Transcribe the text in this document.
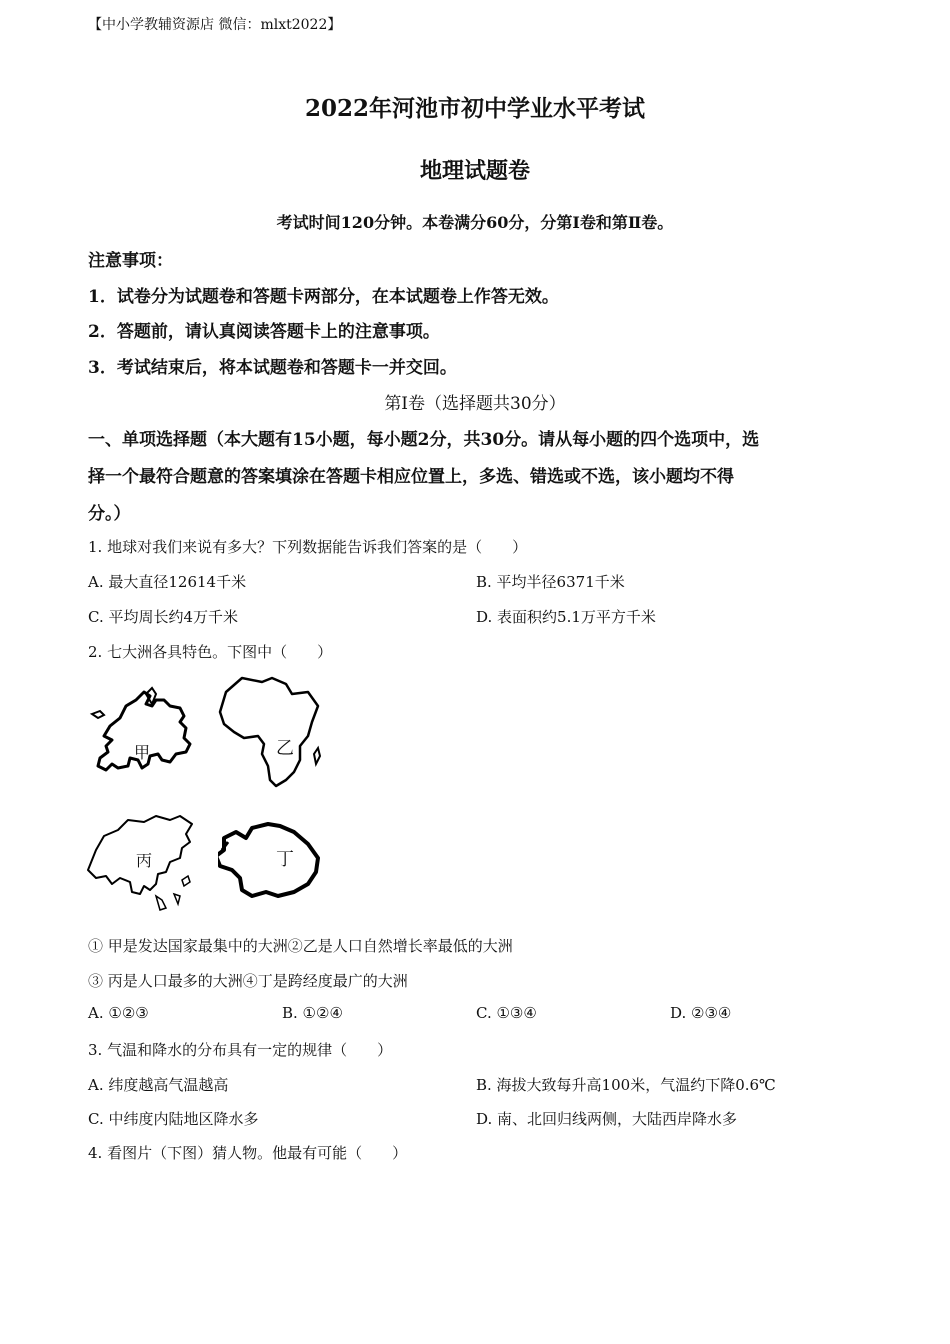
【中小学教辅资源店 微信：mlxt2022】
2022年河池市初中学业水平考试
地理试题卷
考试时间120分钟。本卷满分60分，分第Ⅰ卷和第Ⅱ卷。
注意事项：
1．试卷分为试题卷和答题卡两部分，在本试题卷上作答无效。
2．答题前，请认真阅读答题卡上的注意事项。
3．考试结束后，将本试题卷和答题卡一并交回。
第Ⅰ卷（选择题共30分）
一、单项选择题（本大题有15小题，每小题2分，共30分。请从每小题的四个选项中，选
择一个最符合题意的答案填涂在答题卡相应位置上，多选、错选或不选，该小题均不得
分。）
1. 地球对我们来说有多大？下列数据能告诉我们答案的是（　　）
A. 最大直径12614千米	B. 平均半径6371千米
C. 平均周长约4万千米	D. 表面积约5.1万平方千米
2. 七大洲各具特色。下图中（　　）
甲	乙
丙	丁
① 甲是发达国家最集中的大洲②乙是人口自然增长率最低的大洲
③ 丙是人口最多的大洲④丁是跨经度最广的大洲
A. ①②③	B. ①②④	C. ①③④	D. ②③④
3. 气温和降水的分布具有一定的规律（　　）
A. 纬度越高气温越高	B. 海拔大致每升高100米，气温约下降0.6℃
C. 中纬度内陆地区降水多	D. 南、北回归线两侧，大陆西岸降水多
4. 看图片（下图）猜人物。他最有可能（　　）
